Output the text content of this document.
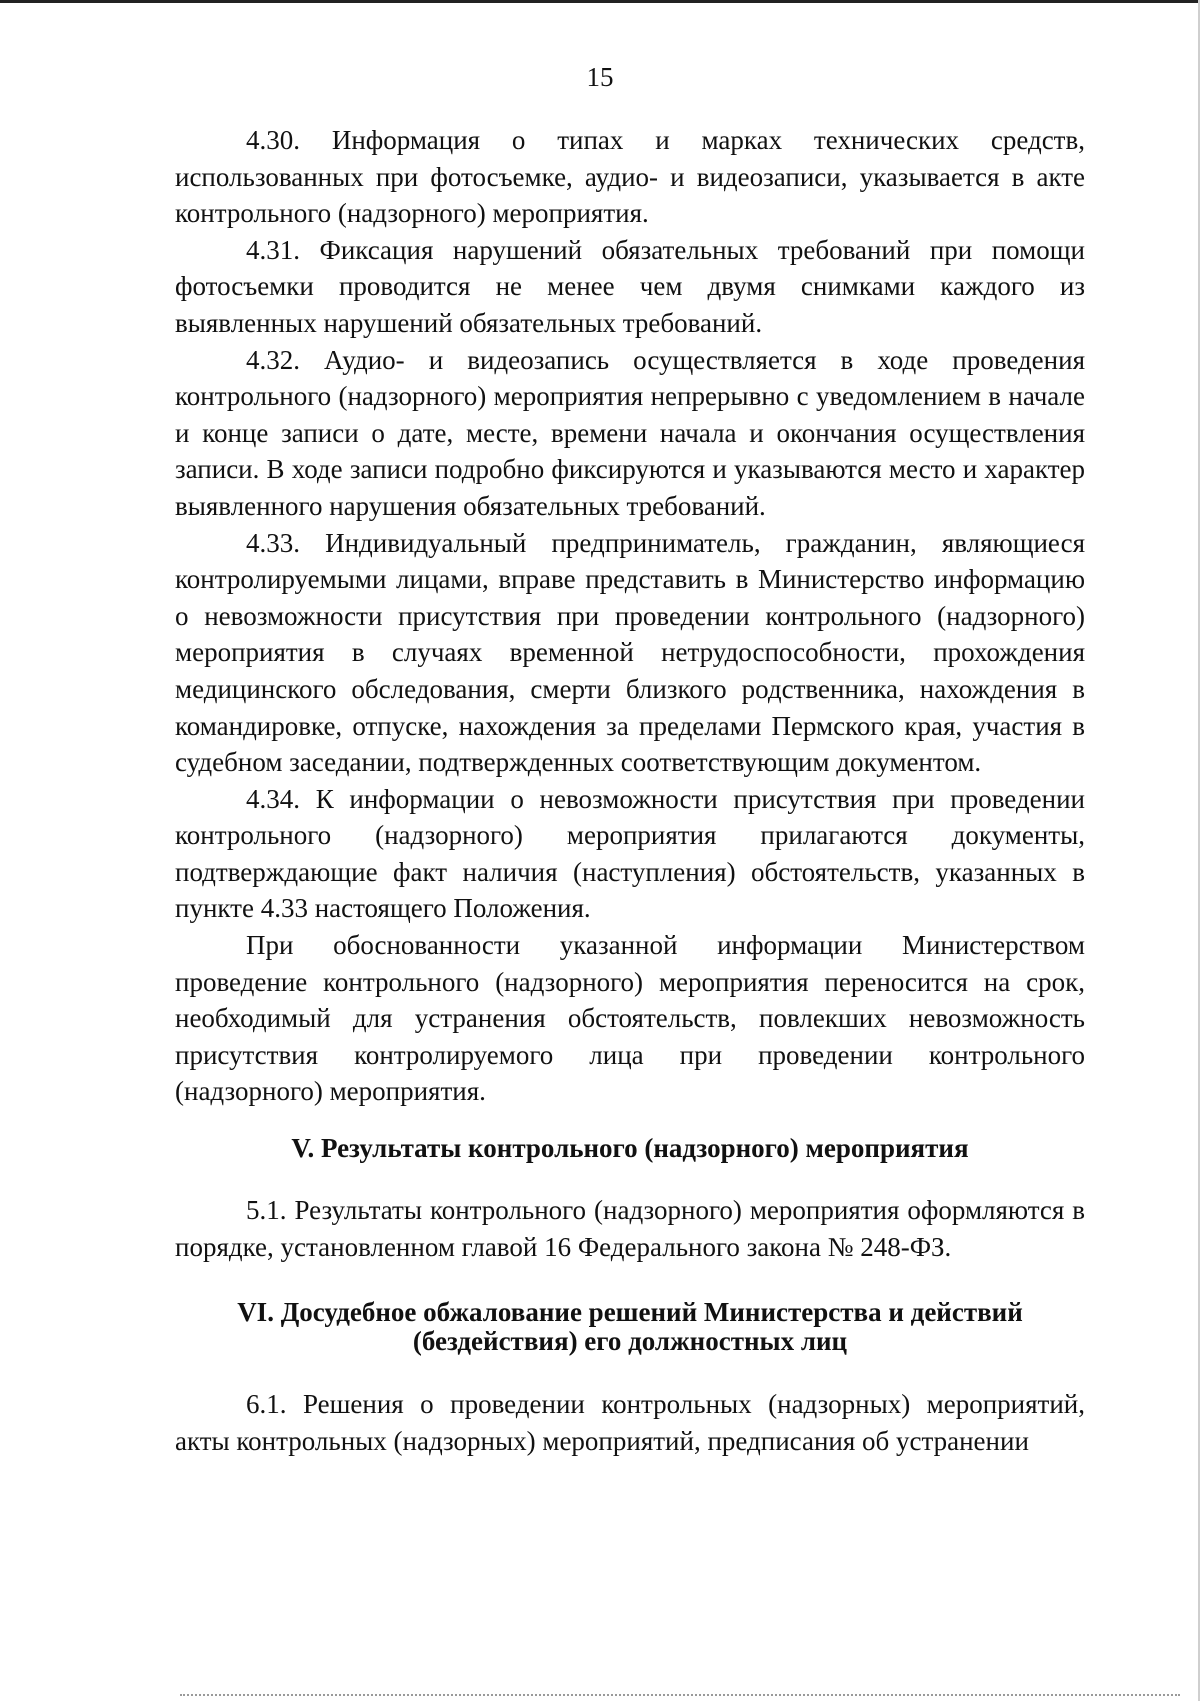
15

4.30. Информация о типах и марках технических средств, использованных при фотосъемке, аудио- и видеозаписи, указывается в акте контрольного (надзорного) мероприятия.

4.31. Фиксация нарушений обязательных требований при помощи фотосъемки проводится не менее чем двумя снимками каждого из выявленных нарушений обязательных требований.

4.32. Аудио- и видеозапись осуществляется в ходе проведения контрольного (надзорного) мероприятия непрерывно с уведомлением в начале и конце записи о дате, месте, времени начала и окончания осуществления записи. В ходе записи подробно фиксируются и указываются место и характер выявленного нарушения обязательных требований.

4.33. Индивидуальный предприниматель, гражданин, являющиеся контролируемыми лицами, вправе представить в Министерство информацию о невозможности присутствия при проведении контрольного (надзорного) мероприятия в случаях временной нетрудоспособности, прохождения медицинского обследования, смерти близкого родственника, нахождения в командировке, отпуске, нахождения за пределами Пермского края, участия в судебном заседании, подтвержденных соответствующим документом.

4.34. К информации о невозможности присутствия при проведении контрольного (надзорного) мероприятия прилагаются документы, подтверждающие факт наличия (наступления) обстоятельств, указанных в пункте 4.33 настоящего Положения.

При обоснованности указанной информации Министерством проведение контрольного (надзорного) мероприятия переносится на срок, необходимый для устранения обстоятельств, повлекших невозможность присутствия контролируемого лица при проведении контрольного (надзорного) мероприятия.

V. Результаты контрольного (надзорного) мероприятия

5.1. Результаты контрольного (надзорного) мероприятия оформляются в порядке, установленном главой 16 Федерального закона № 248-ФЗ.

VI. Досудебное обжалование решений Министерства и действий
(бездействия) его должностных лиц

6.1. Решения о проведении контрольных (надзорных) мероприятий, акты контрольных (надзорных) мероприятий, предписания об устранении
